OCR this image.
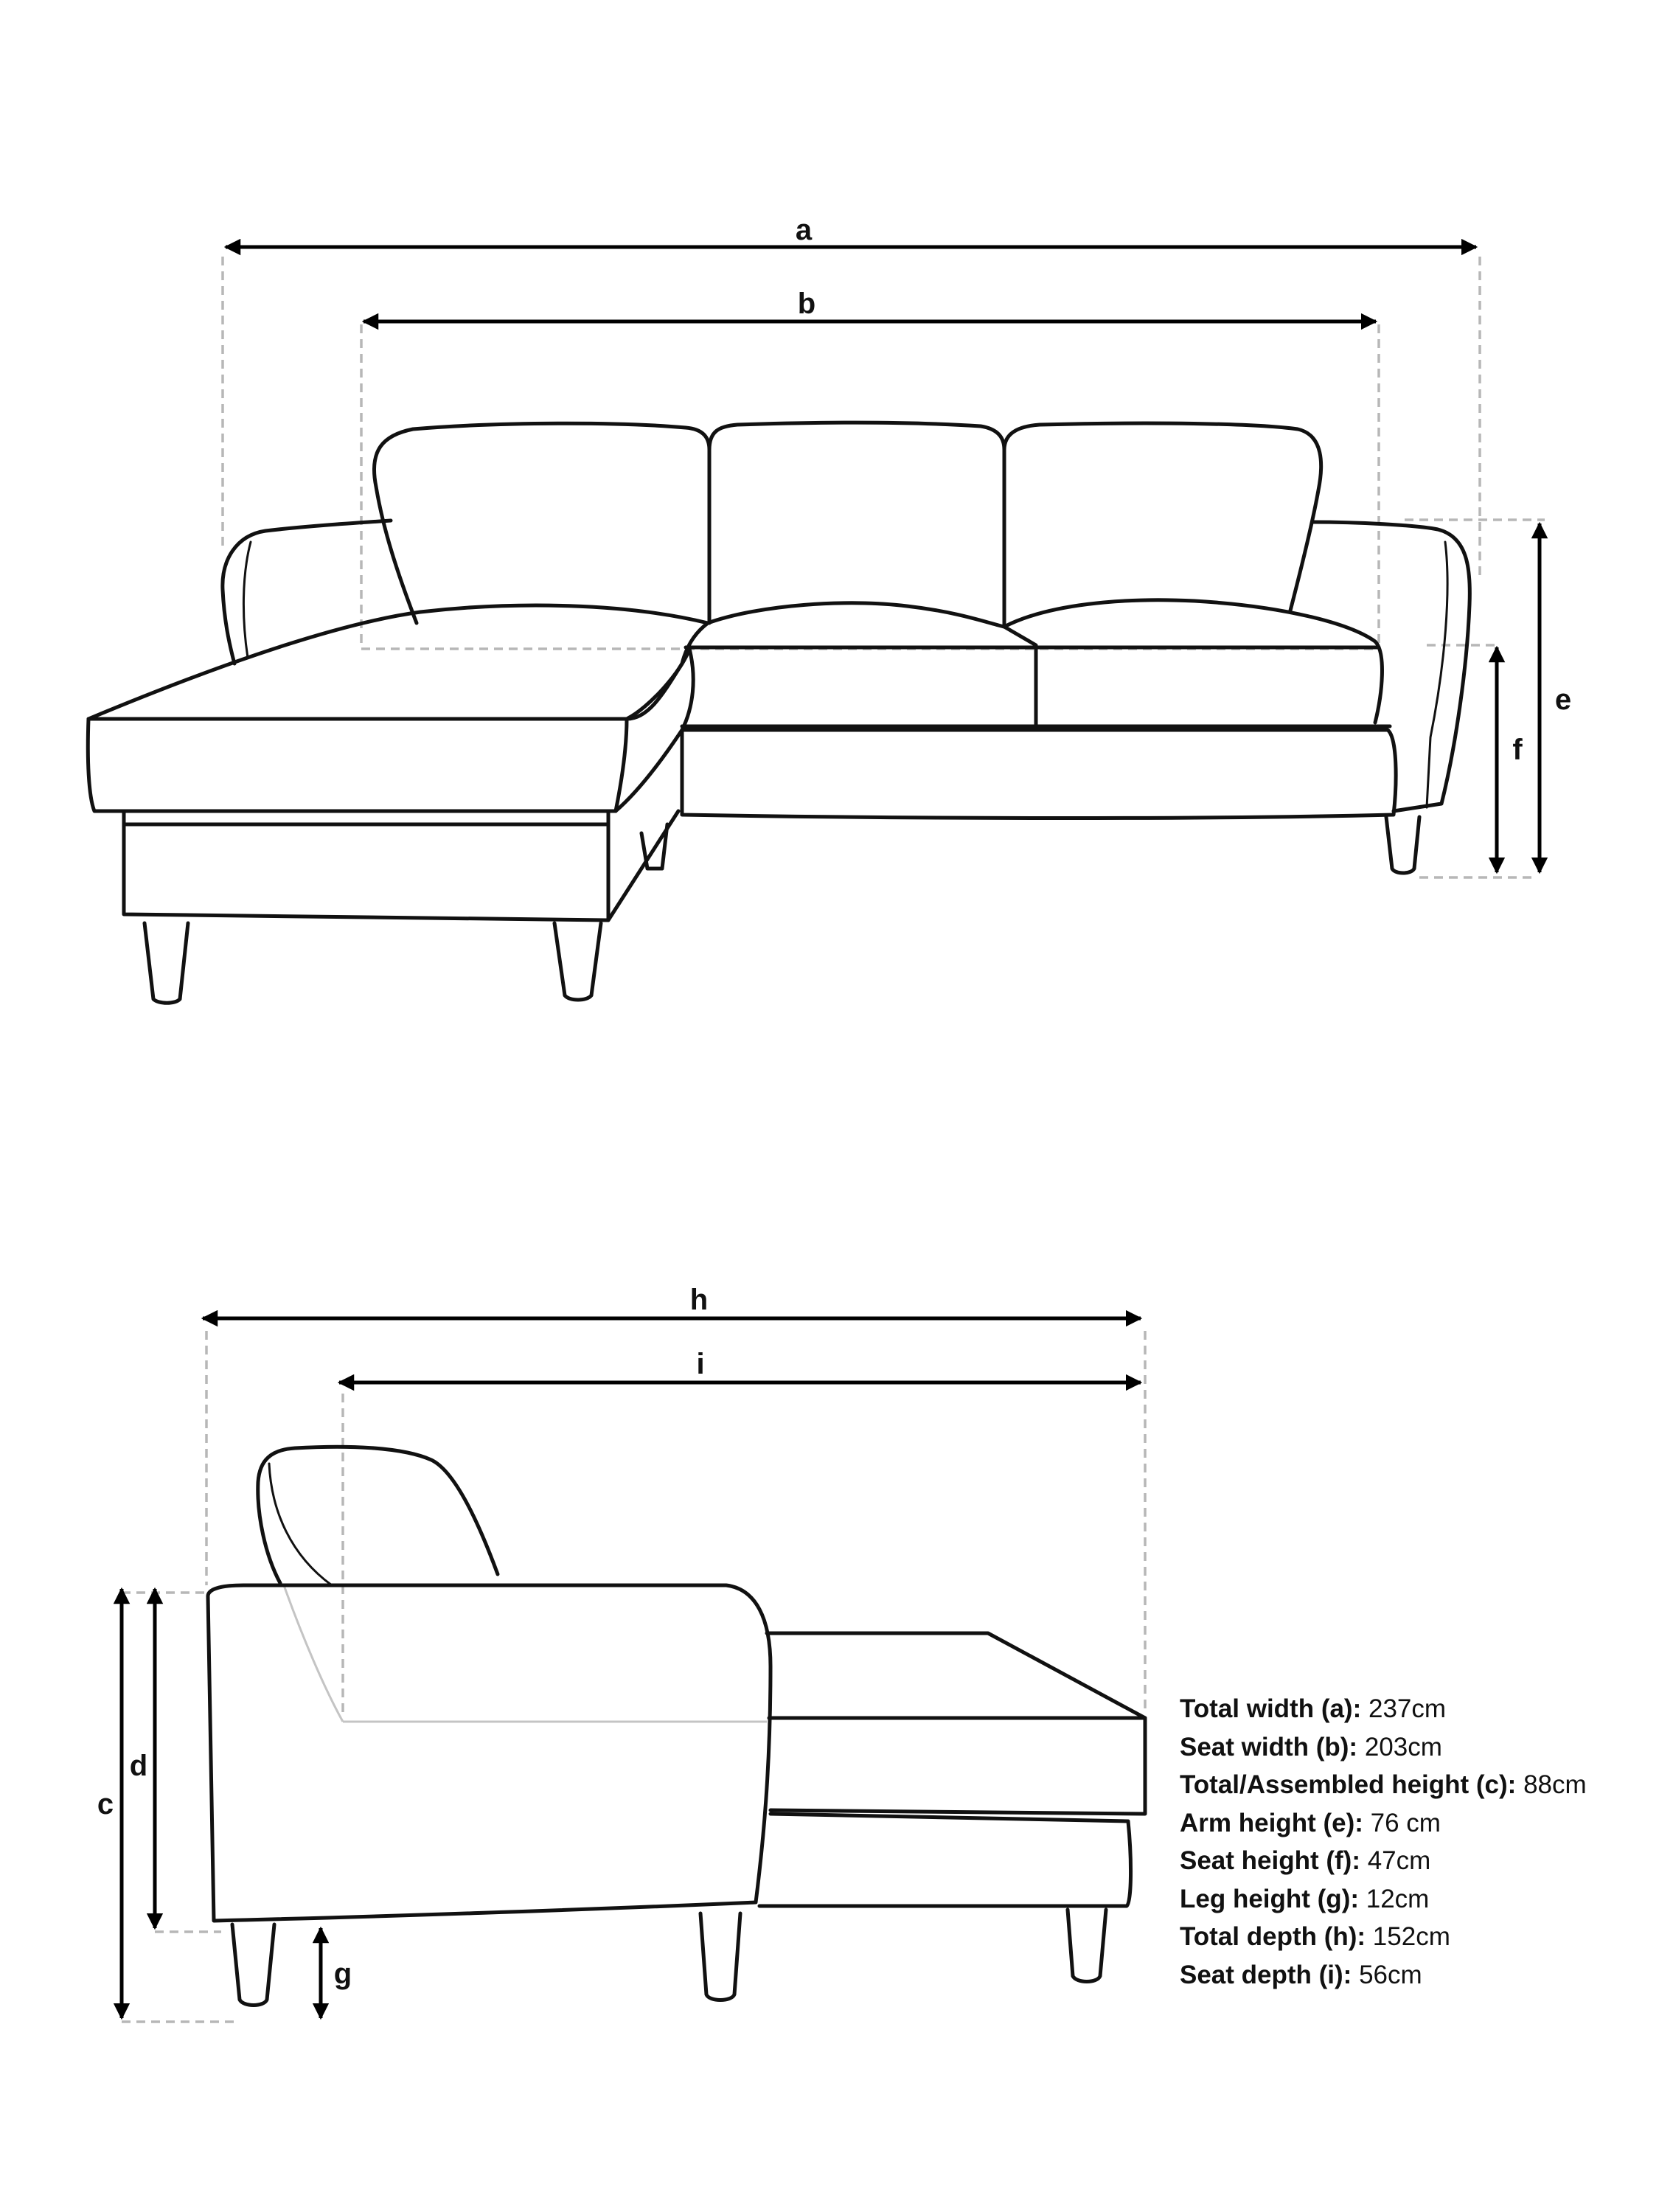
a
b
e
f
h
i
c
d
g
Total width (a): 237cm
Seat width (b): 203cm
Total/Assembled height (c): 88cm
Arm height (e): 76 cm
Seat height (f): 47cm
Leg height (g): 12cm
Total depth (h): 152cm
Seat depth (i): 56cm
